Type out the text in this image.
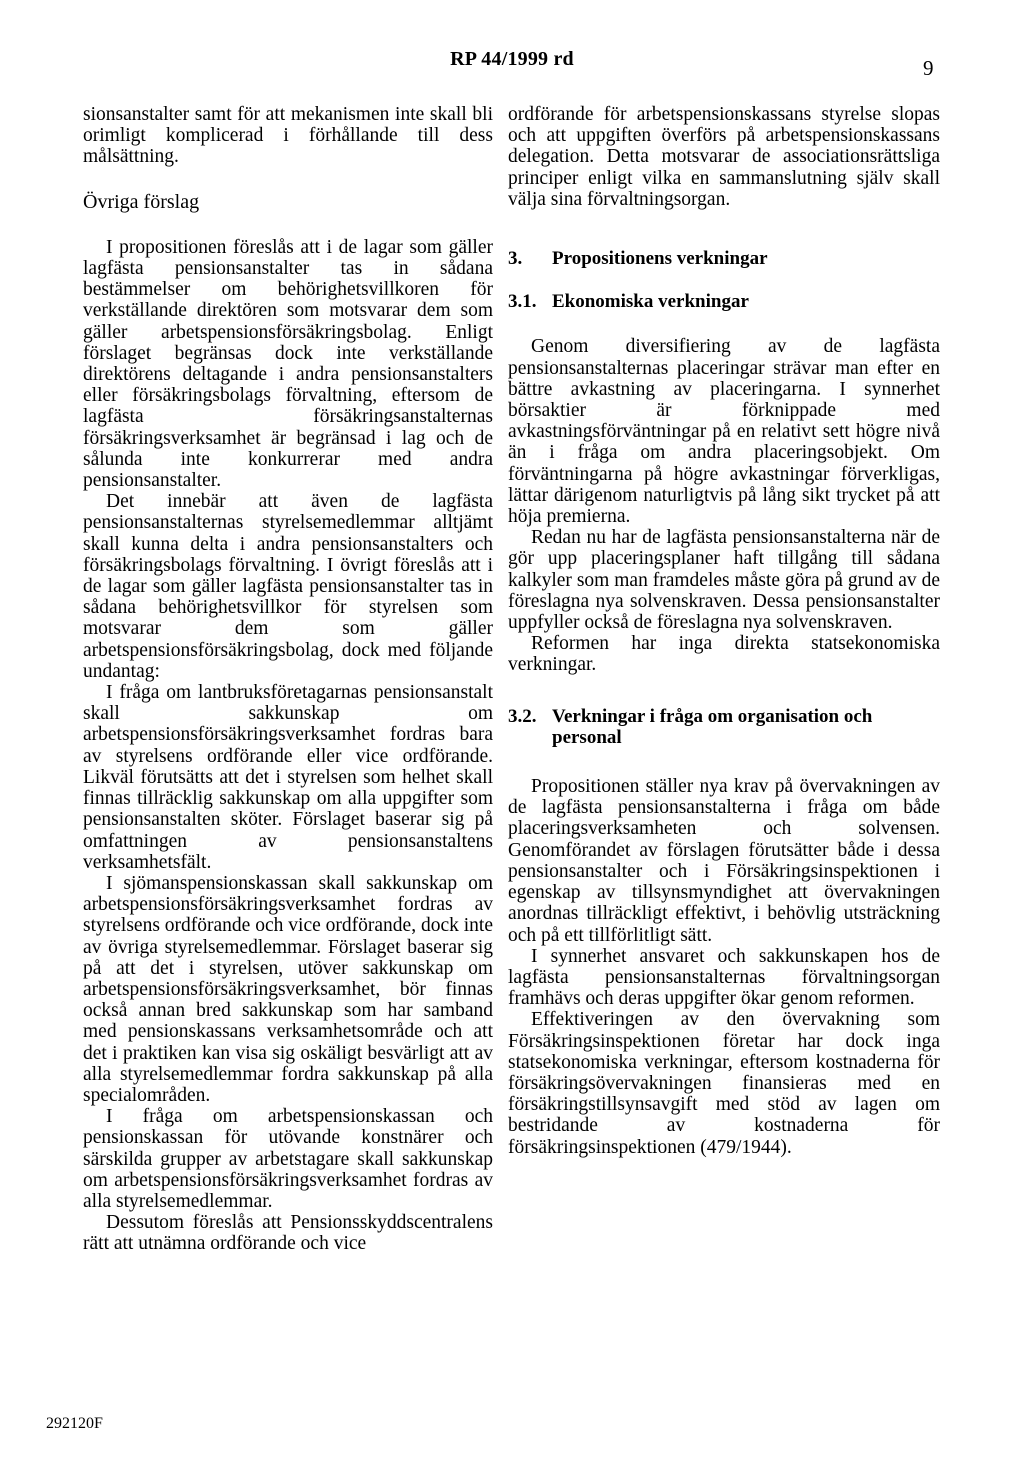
RP 44/1999 rd	9

sionsanstalter samt för att mekanismen inte skall bli orimligt komplicerad i förhållande till dess målsättning.

Övriga förslag

I propositionen föreslås att i de lagar som gäller lagfästa pensionsanstalter tas in sådana bestämmelser om behörighetsvillkoren för verkställande direktören som motsvarar dem som gäller arbetspensionsförsäkringsbolag. Enligt förslaget begränsas dock inte verkställande direktörens deltagande i andra pensionsanstalters eller försäkringsbolags förvaltning, eftersom de lagfästa försäkringsanstalternas försäkringsverksamhet är begränsad i lag och de sålunda inte konkurrerar med andra pensionsanstalter.

Det innebär att även de lagfästa pensionsanstalternas styrelsemedlemmar alltjämt skall kunna delta i andra pensionsanstalters och försäkringsbolags förvaltning. I övrigt föreslås att i de lagar som gäller lagfästa pensionsanstalter tas in sådana behörighetsvillkor för styrelsen som motsvarar dem som gäller arbetspensionsförsäkringsbolag, dock med följande undantag:

I fråga om lantbruksföretagarnas pensionsanstalt skall sakkunskap om arbetspensionsförsäkringsverksamhet fordras bara av styrelsens ordförande eller vice ordförande. Likväl förutsätts att det i styrelsen som helhet skall finnas tillräcklig sakkunskap om alla uppgifter som pensionsanstalten sköter. Förslaget baserar sig på omfattningen av pensionsanstaltens verksamhetsfält.

I sjömanspensionskassan skall sakkunskap om arbetspensionsförsäkringsverksamhet fordras av styrelsens ordförande och vice ordförande, dock inte av övriga styrelsemedlemmar. Förslaget baserar sig på att det i styrelsen, utöver sakkunskap om arbetspensionsförsäkringsverksamhet, bör finnas också annan bred sakkunskap som har samband med pensionskassans verksamhetsområde och att det i praktiken kan visa sig oskäligt besvärligt att av alla styrelsemedlemmar fordra sakkunskap på alla specialområden.

I fråga om arbetspensionskassan och pensionskassan för utövande konstnärer och särskilda grupper av arbetstagare skall sakkunskap om arbetspensionsförsäkringsverksamhet fordras av alla styrelsemedlemmar.

Dessutom föreslås att Pensionsskyddscentralens rätt att utnämna ordförande och vice

ordförande för arbetspensionskassans styrelse slopas och att uppgiften överförs på arbetspensionskassans delegation. Detta motsvarar de associationsrättsliga principer enligt vilka en sammanslutning själv skall välja sina förvaltningsorgan.

3.	Propositionens verkningar
3.1. Ekonomiska verkningar

Genom diversifiering av de lagfästa pensionsanstalternas placeringar strävar man efter en bättre avkastning av placeringarna. I synnerhet börsaktier är förknippade med avkastningsförväntningar på en relativt sett högre nivå än i fråga om andra placeringsobjekt. Om förväntningarna på högre avkastningar förverkligas, lättar därigenom naturligtvis på lång sikt trycket på att höja premierna.

Redan nu har de lagfästa pensionsanstalterna när de gör upp placeringsplaner haft tillgång till sådana kalkyler som man framdeles måste göra på grund av de föreslagna nya solvenskraven. Dessa pensionsanstalter uppfyller också de föreslagna nya solvenskraven.

Reformen har inga direkta statsekonomiska verkningar.

3.2. Verkningar i fråga om organisation och personal

Propositionen ställer nya krav på övervakningen av de lagfästa pensionsanstalterna i fråga om både placeringsverksamheten och solvensen. Genomförandet av förslagen förutsätter både i dessa pensionsanstalter och i Försäkringsinspektionen i egenskap av tillsynsmyndighet att övervakningen anordnas tillräckligt effektivt, i behövlig utsträckning och på ett tillförlitligt sätt.

I synnerhet ansvaret och sakkunskapen hos de lagfästa pensionsanstalternas förvaltningsorgan framhävs och deras uppgifter ökar genom reformen.

Effektiveringen av den övervakning som Försäkringsinspektionen företar har dock inga statsekonomiska verkningar, eftersom kostnaderna för försäkringsövervakningen finansieras med en försäkringstillsynsavgift med stöd av lagen om bestridande av kostnaderna för försäkringsinspektionen (479/1944).

292120F
